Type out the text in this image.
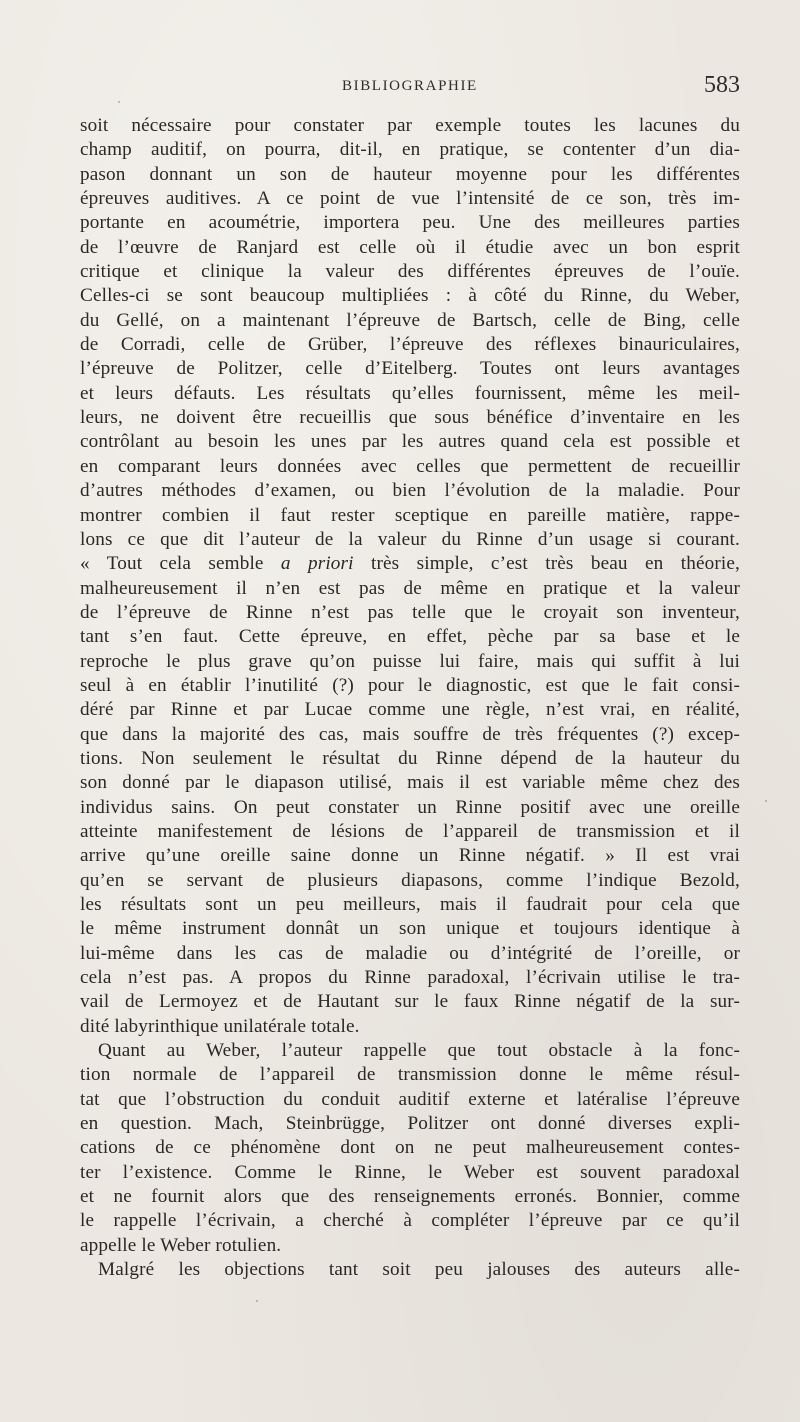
BIBLIOGRAPHIE	583
soit nécessaire pour constater par exemple toutes les lacunes du
champ auditif, on pourra, dit-il, en pratique, se contenter d’un dia-
pason donnant un son de hauteur moyenne pour les différentes
épreuves auditives. A ce point de vue l’intensité de ce son, très im-
portante en acoumétrie, importera peu. Une des meilleures parties
de l’œuvre de Ranjard est celle où il étudie avec un bon esprit
critique et clinique la valeur des différentes épreuves de l’ouïe.
Celles-ci se sont beaucoup multipliées : à côté du Rinne, du Weber,
du Gellé, on a maintenant l’épreuve de Bartsch, celle de Bing, celle
de Corradi, celle de Grüber, l’épreuve des réflexes binauriculaires,
l’épreuve de Politzer, celle d’Eitelberg. Toutes ont leurs avantages
et leurs défauts. Les résultats qu’elles fournissent, même les meil-
leurs, ne doivent être recueillis que sous bénéfice d’inventaire en les
contrôlant au besoin les unes par les autres quand cela est possible et
en comparant leurs données avec celles que permettent de recueillir
d’autres méthodes d’examen, ou bien l’évolution de la maladie. Pour
montrer combien il faut rester sceptique en pareille matière, rappe-
lons ce que dit l’auteur de la valeur du Rinne d’un usage si courant.
« Tout cela semble a priori très simple, c’est très beau en théorie,
malheureusement il n’en est pas de même en pratique et la valeur
de l’épreuve de Rinne n’est pas telle que le croyait son inventeur,
tant s’en faut. Cette épreuve, en effet, pèche par sa base et le
reproche le plus grave qu’on puisse lui faire, mais qui suffit à lui
seul à en établir l’inutilité (?) pour le diagnostic, est que le fait consi-
déré par Rinne et par Lucae comme une règle, n’est vrai, en réalité,
que dans la majorité des cas, mais souffre de très fréquentes (?) excep-
tions. Non seulement le résultat du Rinne dépend de la hauteur du
son donné par le diapason utilisé, mais il est variable même chez des
individus sains. On peut constater un Rinne positif avec une oreille
atteinte manifestement de lésions de l’appareil de transmission et il
arrive qu’une oreille saine donne un Rinne négatif. » Il est vrai
qu’en se servant de plusieurs diapasons, comme l’indique Bezold,
les résultats sont un peu meilleurs, mais il faudrait pour cela que
le même instrument donnât un son unique et toujours identique à
lui-même dans les cas de maladie ou d’intégrité de l’oreille, or
cela n’est pas. A propos du Rinne paradoxal, l’écrivain utilise le tra-
vail de Lermoyez et de Hautant sur le faux Rinne négatif de la sur-
dité labyrinthique unilatérale totale.
Quant au Weber, l’auteur rappelle que tout obstacle à la fonc-
tion normale de l’appareil de transmission donne le même résul-
tat que l’obstruction du conduit auditif externe et latéralise l’épreuve
en question. Mach, Steinbrügge, Politzer ont donné diverses expli-
cations de ce phénomène dont on ne peut malheureusement contes-
ter l’existence. Comme le Rinne, le Weber est souvent paradoxal
et ne fournit alors que des renseignements erronés. Bonnier, comme
le rappelle l’écrivain, a cherché à compléter l’épreuve par ce qu’il
appelle le Weber rotulien.
Malgré les objections tant soit peu jalouses des auteurs alle-
